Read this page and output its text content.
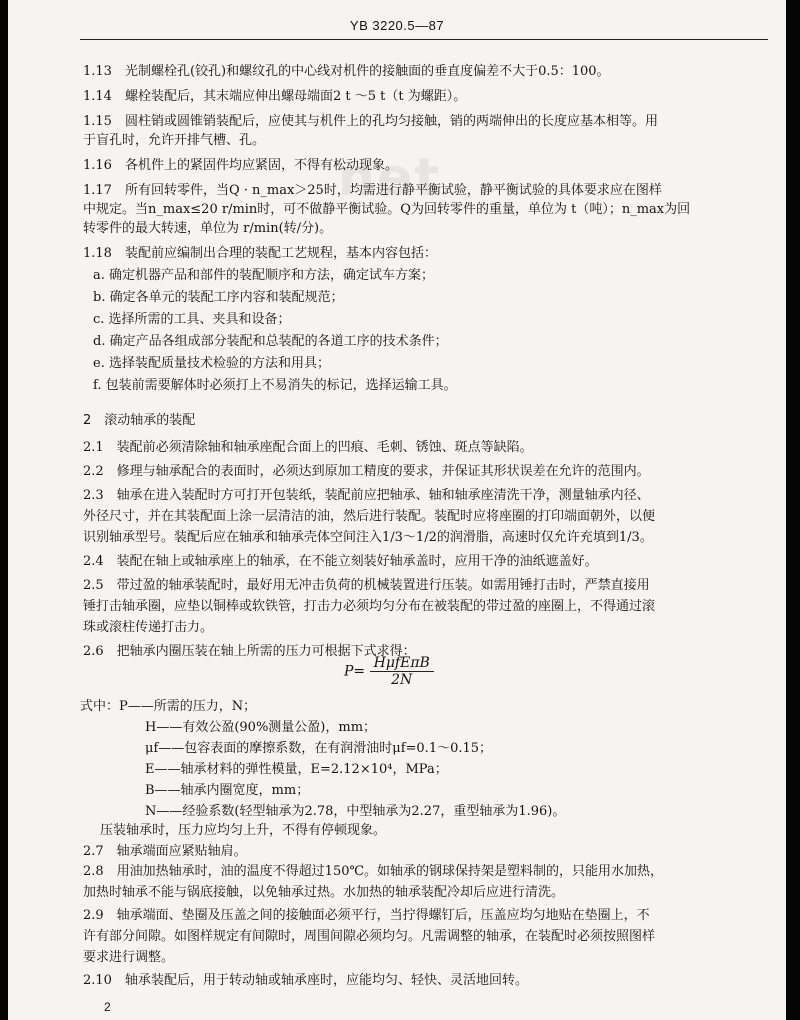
net
YB 3220.5—87
1.13　光制螺栓孔(铰孔)和螺纹孔的中心线对机件的接触面的垂直度偏差不大于0.5：100。
1.14　螺栓装配后，其末端应伸出螺母端面2 t ～5 t（t 为螺距）。
1.15　圆柱销或圆锥销装配后，应使其与机件上的孔均匀接触，销的两端伸出的长度应基本相等。用
于盲孔时，允许开排气槽、孔。
1.16　各机件上的紧固件均应紧固，不得有松动现象。
1.17　所有回转零件，当Q · n_max＞25时，均需进行静平衡试验，静平衡试验的具体要求应在图样
中规定。当n_max≤20 r/min时，可不做静平衡试验。Q为回转零件的重量，单位为 t（吨）；n_max为回
转零件的最大转速，单位为 r/min(转/分)。
1.18　装配前应编制出合理的装配工艺规程，基本内容包括：
a. 确定机器产品和部件的装配顺序和方法，确定试车方案；
b. 确定各单元的装配工序内容和装配规范；
c. 选择所需的工具、夹具和设备；
d. 确定产品各组成部分装配和总装配的各道工序的技术条件；
e. 选择装配质量技术检验的方法和用具；
f. 包装前需要解体时必须打上不易消失的标记，选择运输工具。
2　滚动轴承的装配
2.1　装配前必须清除轴和轴承座配合面上的凹痕、毛刺、锈蚀、斑点等缺陷。
2.2　修理与轴承配合的表面时，必须达到原加工精度的要求，并保证其形状误差在允许的范围内。
2.3　轴承在进入装配时方可打开包装纸，装配前应把轴承、轴和轴承座清洗干净，测量轴承内径、
外径尺寸，并在其装配面上涂一层清洁的油，然后进行装配。装配时应将座圈的打印端面朝外，以便
识别轴承型号。装配后应在轴承和轴承壳体空间注入1/3～1/2的润滑脂，高速时仅允许充填到1/3。
2.4　装配在轴上或轴承座上的轴承，在不能立刻装好轴承盖时，应用干净的油纸遮盖好。
2.5　带过盈的轴承装配时，最好用无冲击负荷的机械装置进行压装。如需用锤打击时，严禁直接用
锤打击轴承圈，应垫以铜棒或软铁管，打击力必须均匀分布在被装配的带过盈的座圈上，不得通过滚
珠或滚柱传递打击力。
2.6　把轴承内圈压装在轴上所需的压力可根据下式求得：
$P= \frac{\text{HμfEπB}}{2N}$
式中：P——所需的压力，N；
H——有效公盈(90%测量公盈)，mm；
μf——包容表面的摩擦系数，在有润滑油时μf=0.1～0.15；
E——轴承材料的弹性模量，E=2.12×10⁴，MPa；
B——轴承内圈宽度，mm；
N——经验系数(轻型轴承为2.78，中型轴承为2.27，重型轴承为1.96)。
压装轴承时，压力应均匀上升，不得有停顿现象。
2.7　轴承端面应紧贴轴肩。
2.8　用油加热轴承时，油的温度不得超过150℃。如轴承的钢球保持架是塑料制的，只能用水加热，
加热时轴承不能与锅底接触，以免轴承过热。水加热的轴承装配冷却后应进行清洗。
2.9　轴承端面、垫圈及压盖之间的接触面必须平行，当拧得螺钉后，压盖应均匀地贴在垫圈上，不
许有部分间隙。如图样规定有间隙时，周围间隙必须均匀。凡需调整的轴承，在装配时必须按照图样
要求进行调整。
2.10　轴承装配后，用于转动轴或轴承座时，应能均匀、轻快、灵活地回转。
2
